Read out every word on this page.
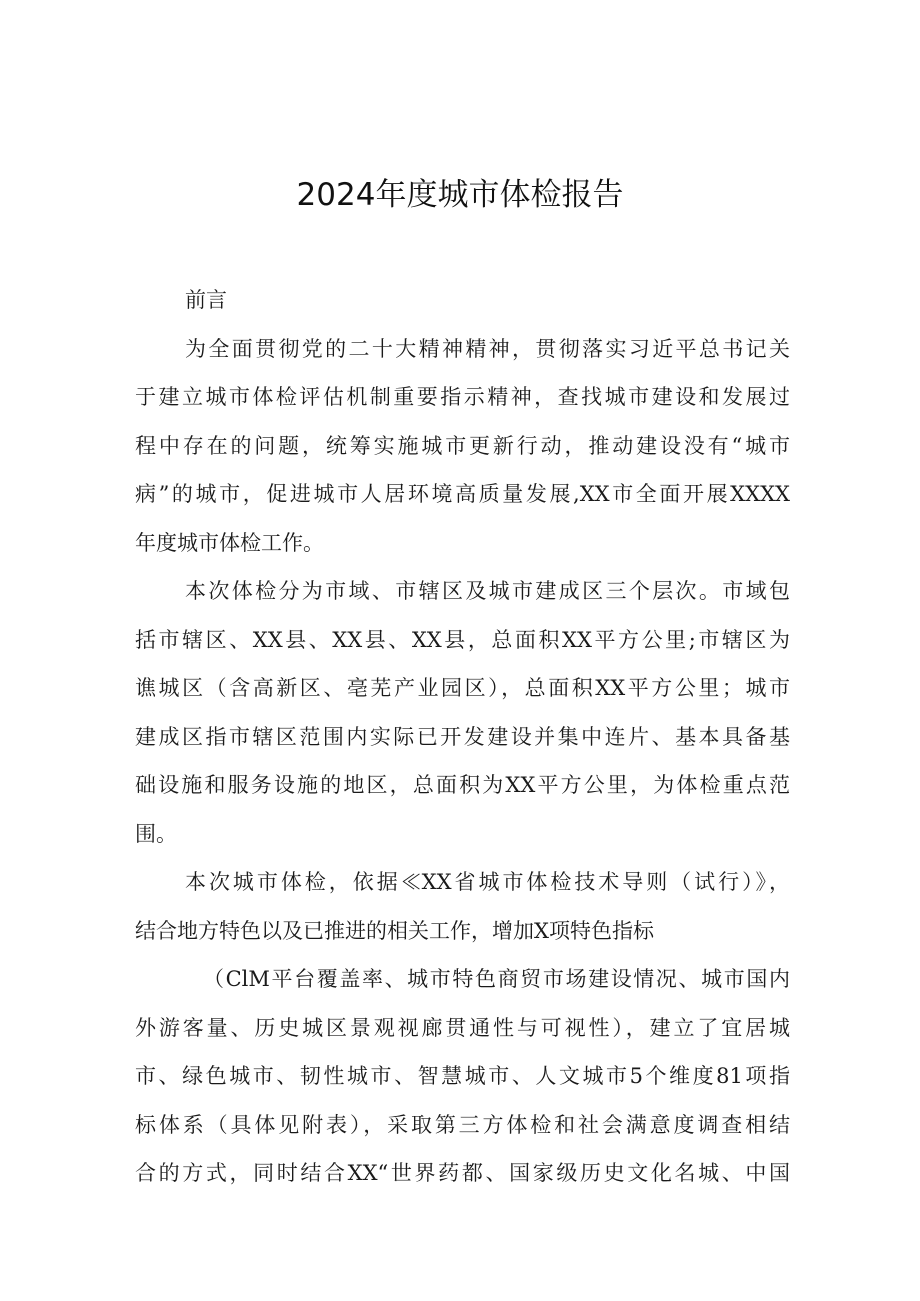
2024年度城市体检报告
前言
为全面贯彻党的二十大精神精神，贯彻落实习近平总书记关
于建立城市体检评估机制重要指示精神，查找城市建设和发展过
程中存在的问题，统筹实施城市更新行动，推动建设没有“城市
病”的城市，促进城市人居环境高质量发展,XX市全面开展XXXX
年度城市体检工作。
本次体检分为市域、市辖区及城市建成区三个层次。市域包
括市辖区、XX县、XX县、XX县，总面积XX平方公里;市辖区为
谯城区（含高新区、亳芜产业园区），总面积XX平方公里；城市
建成区指市辖区范围内实际已开发建设并集中连片、基本具备基
础设施和服务设施的地区，总面积为XX平方公里，为体检重点范
围。
本次城市体检，依据≪XX省城市体检技术导则（试行）》，
结合地方特色以及已推进的相关工作，增加X项特色指标
（ClM平台覆盖率、城市特色商贸市场建设情况、城市国内
外游客量、历史城区景观视廊贯通性与可视性），建立了宜居城
市、绿色城市、韧性城市、智慧城市、人文城市5个维度81项指
标体系（具体见附表），采取第三方体检和社会满意度调查相结
合的方式，同时结合XX“世界药都、国家级历史文化名城、中国
